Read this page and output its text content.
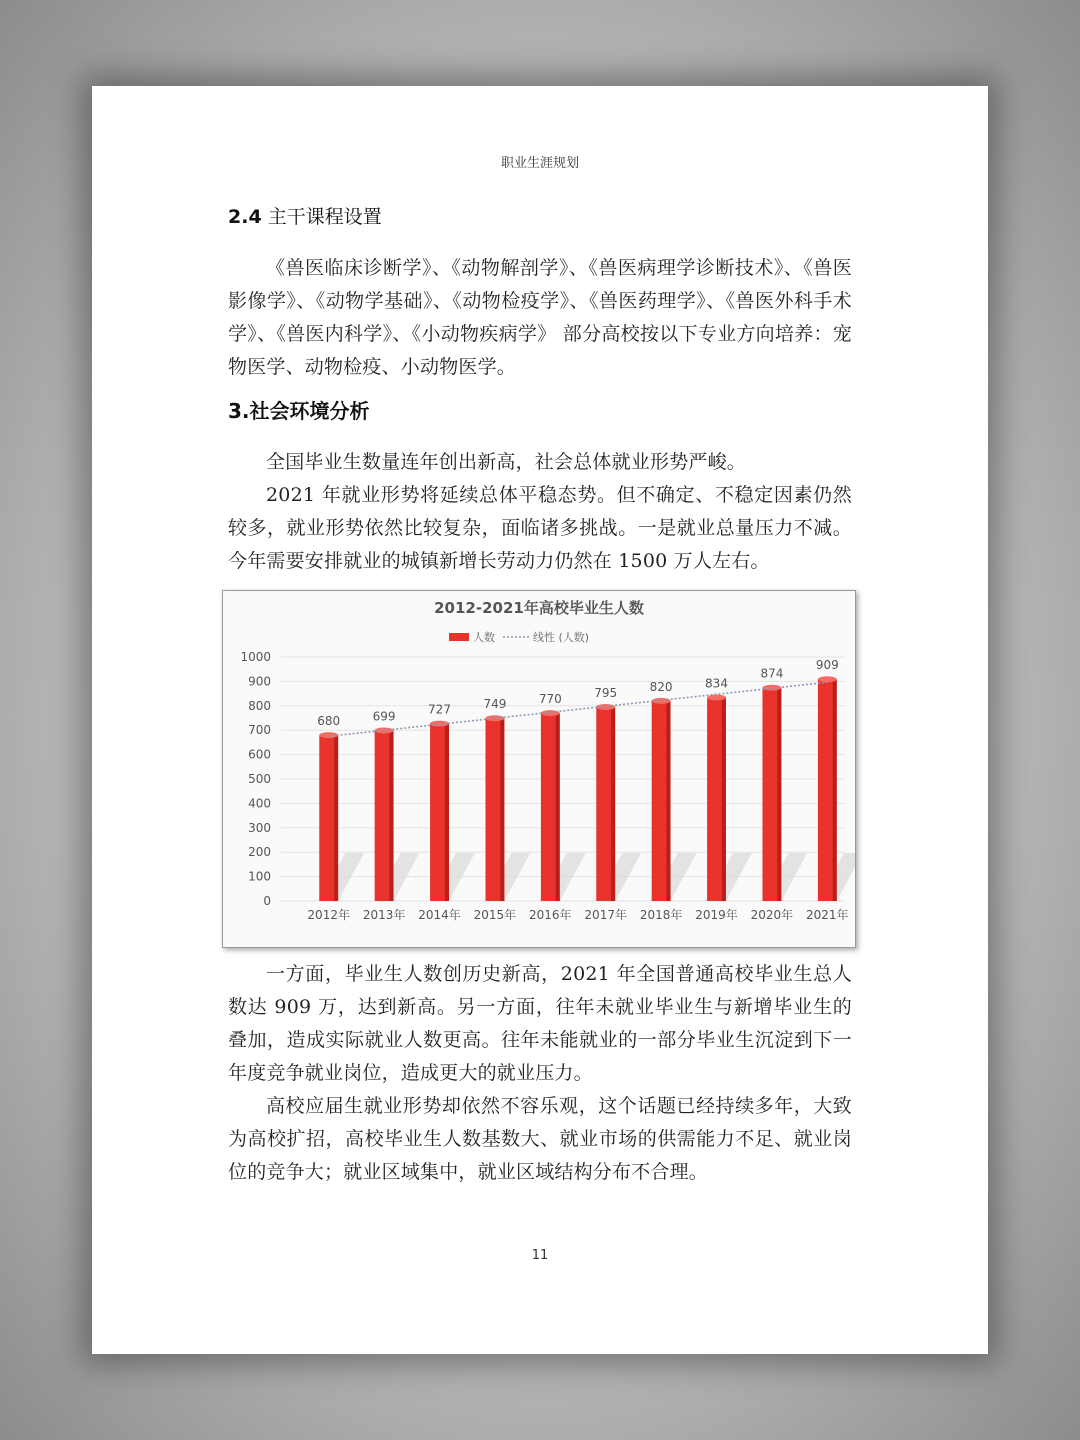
职业生涯规划
2.4 主干课程设置

《兽医临床诊断学》、《动物解剖学》、《兽医病理学诊断技术》、《兽医影像学》、《动物学基础》、《动物检疫学》、《兽医药理学》、《兽医外科手术学》、《兽医内科学》、《小动物疾病学》 部分高校按以下专业方向培养：宠物医学、动物检疫、小动物医学。

3.社会环境分析

全国毕业生数量连年创出新高，社会总体就业形势严峻。

2021 年就业形势将延续总体平稳态势。但不确定、不稳定因素仍然较多，就业形势依然比较复杂，面临诸多挑战。一是就业总量压力不减。今年需要安排就业的城镇新增长劳动力仍然在 1500 万人左右。

2012-2021年高校毕业生人数
人数	线性 (人数)
0
100
200
300
400
500
600
700
800
900
1000
680
2012年
699
2013年
727
2014年
749
2015年
770
2016年
795
2017年
820
2018年
834
2019年
874
2020年
909
2021年

一方面，毕业生人数创历史新高，2021 年全国普通高校毕业生总人数达 909 万，达到新高。另一方面，往年未就业毕业生与新增毕业生的叠加，造成实际就业人数更高。往年未能就业的一部分毕业生沉淀到下一年度竞争就业岗位，造成更大的就业压力。

高校应届生就业形势却依然不容乐观，这个话题已经持续多年，大致为高校扩招，高校毕业生人数基数大、就业市场的供需能力不足、就业岗位的竞争大；就业区域集中，就业区域结构分布不合理。

11
